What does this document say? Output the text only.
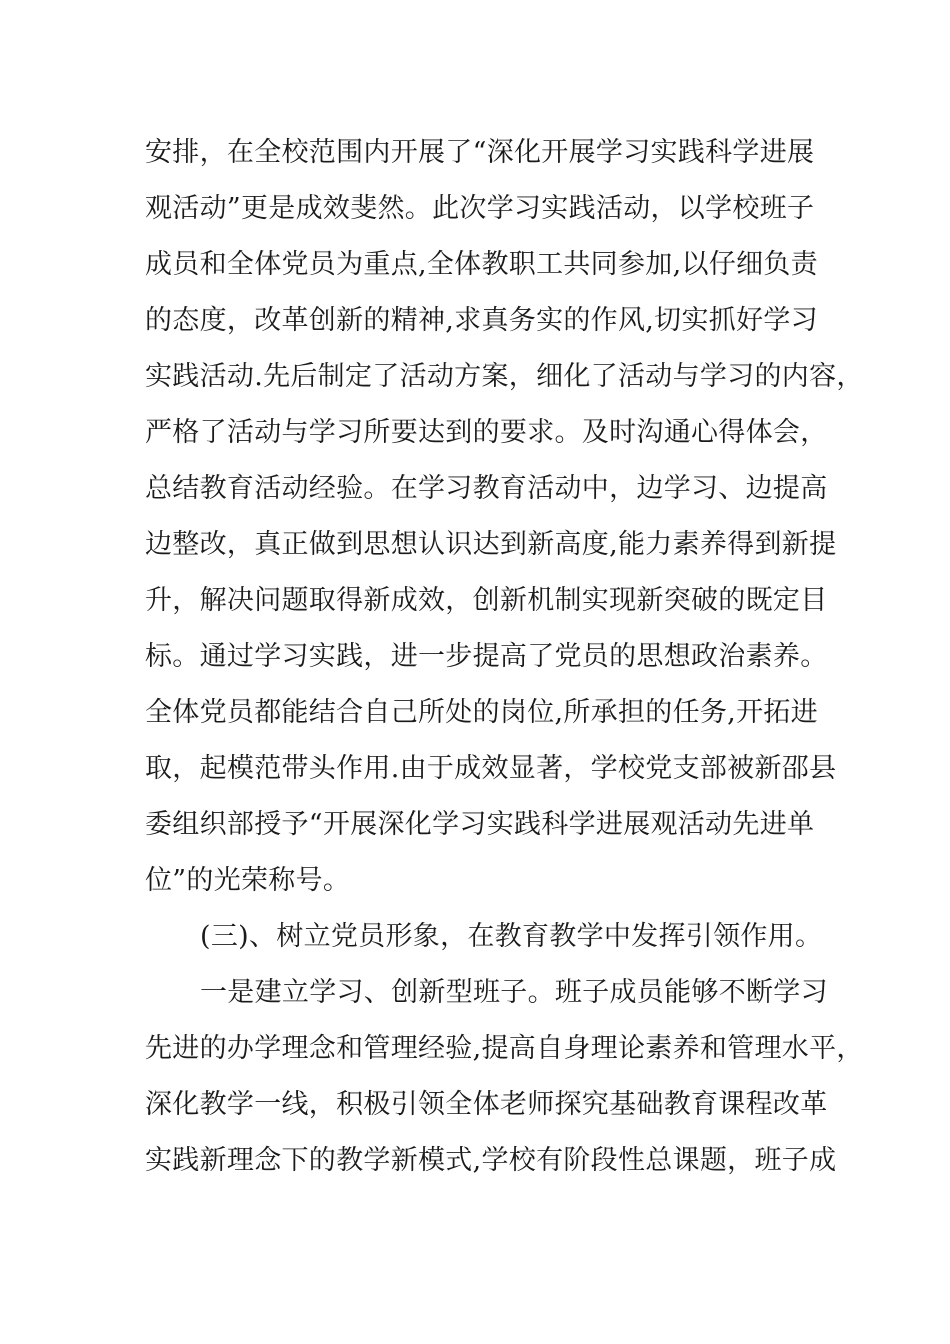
安排，在全校范围内开展了“深化开展学习实践科学进展
观活动”更是成效斐然。此次学习实践活动，以学校班子
成员和全体党员为重点,全体教职工共同参加,以仔细负责
的态度，改革创新的精神,求真务实的作风,切实抓好学习
实践活动.先后制定了活动方案，细化了活动与学习的内容，
严格了活动与学习所要达到的要求。及时沟通心得体会，
总结教育活动经验。在学习教育活动中，边学习、边提高
边整改，真正做到思想认识达到新高度,能力素养得到新提
升，解决问题取得新成效，创新机制实现新突破的既定目
标。通过学习实践，进一步提高了党员的思想政治素养。
全体党员都能结合自己所处的岗位,所承担的任务,开拓进
取，起模范带头作用.由于成效显著，学校党支部被新邵县
委组织部授予“开展深化学习实践科学进展观活动先进单
位”的光荣称号。
(三)、树立党员形象，在教育教学中发挥引领作用。
一是建立学习、创新型班子。班子成员能够不断学习
先进的办学理念和管理经验,提高自身理论素养和管理水平，
深化教学一线，积极引领全体老师探究基础教育课程改革
实践新理念下的教学新模式,学校有阶段性总课题，班子成
